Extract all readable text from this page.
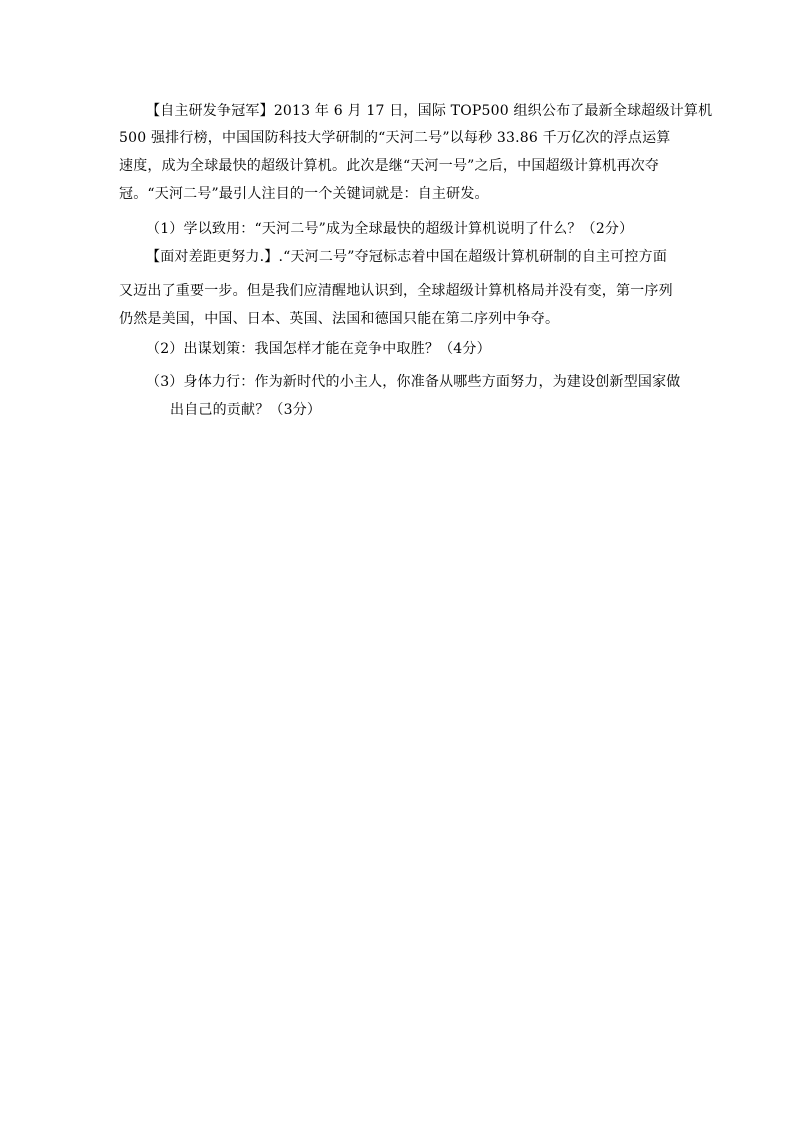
【自主研发争冠军】2013 年 6 月 17 日，国际 TOP500 组织公布了最新全球超级计算机
500 强排行榜，中国国防科技大学研制的“天河二号”以每秒 33.86 千万亿次的浮点运算
速度，成为全球最快的超级计算机。此次是继“天河一号”之后，中国超级计算机再次夺
冠。“天河二号”最引人注目的一个关键词就是：自主研发。
（1）学以致用：“天河二号”成为全球最快的超级计算机说明了什么？（2分）
【面对差距更努力.】.“天河二号”夺冠标志着中国在超级计算机研制的自主可控方面
又迈出了重要一步。但是我们应清醒地认识到，全球超级计算机格局并没有变，第一序列
仍然是美国，中国、日本、英国、法国和德国只能在第二序列中争夺。
（2）出谋划策：我国怎样才能在竞争中取胜？（4分）
（3）身体力行：作为新时代的小主人，你准备从哪些方面努力，为建设创新型国家做
出自己的贡献？（3分）
